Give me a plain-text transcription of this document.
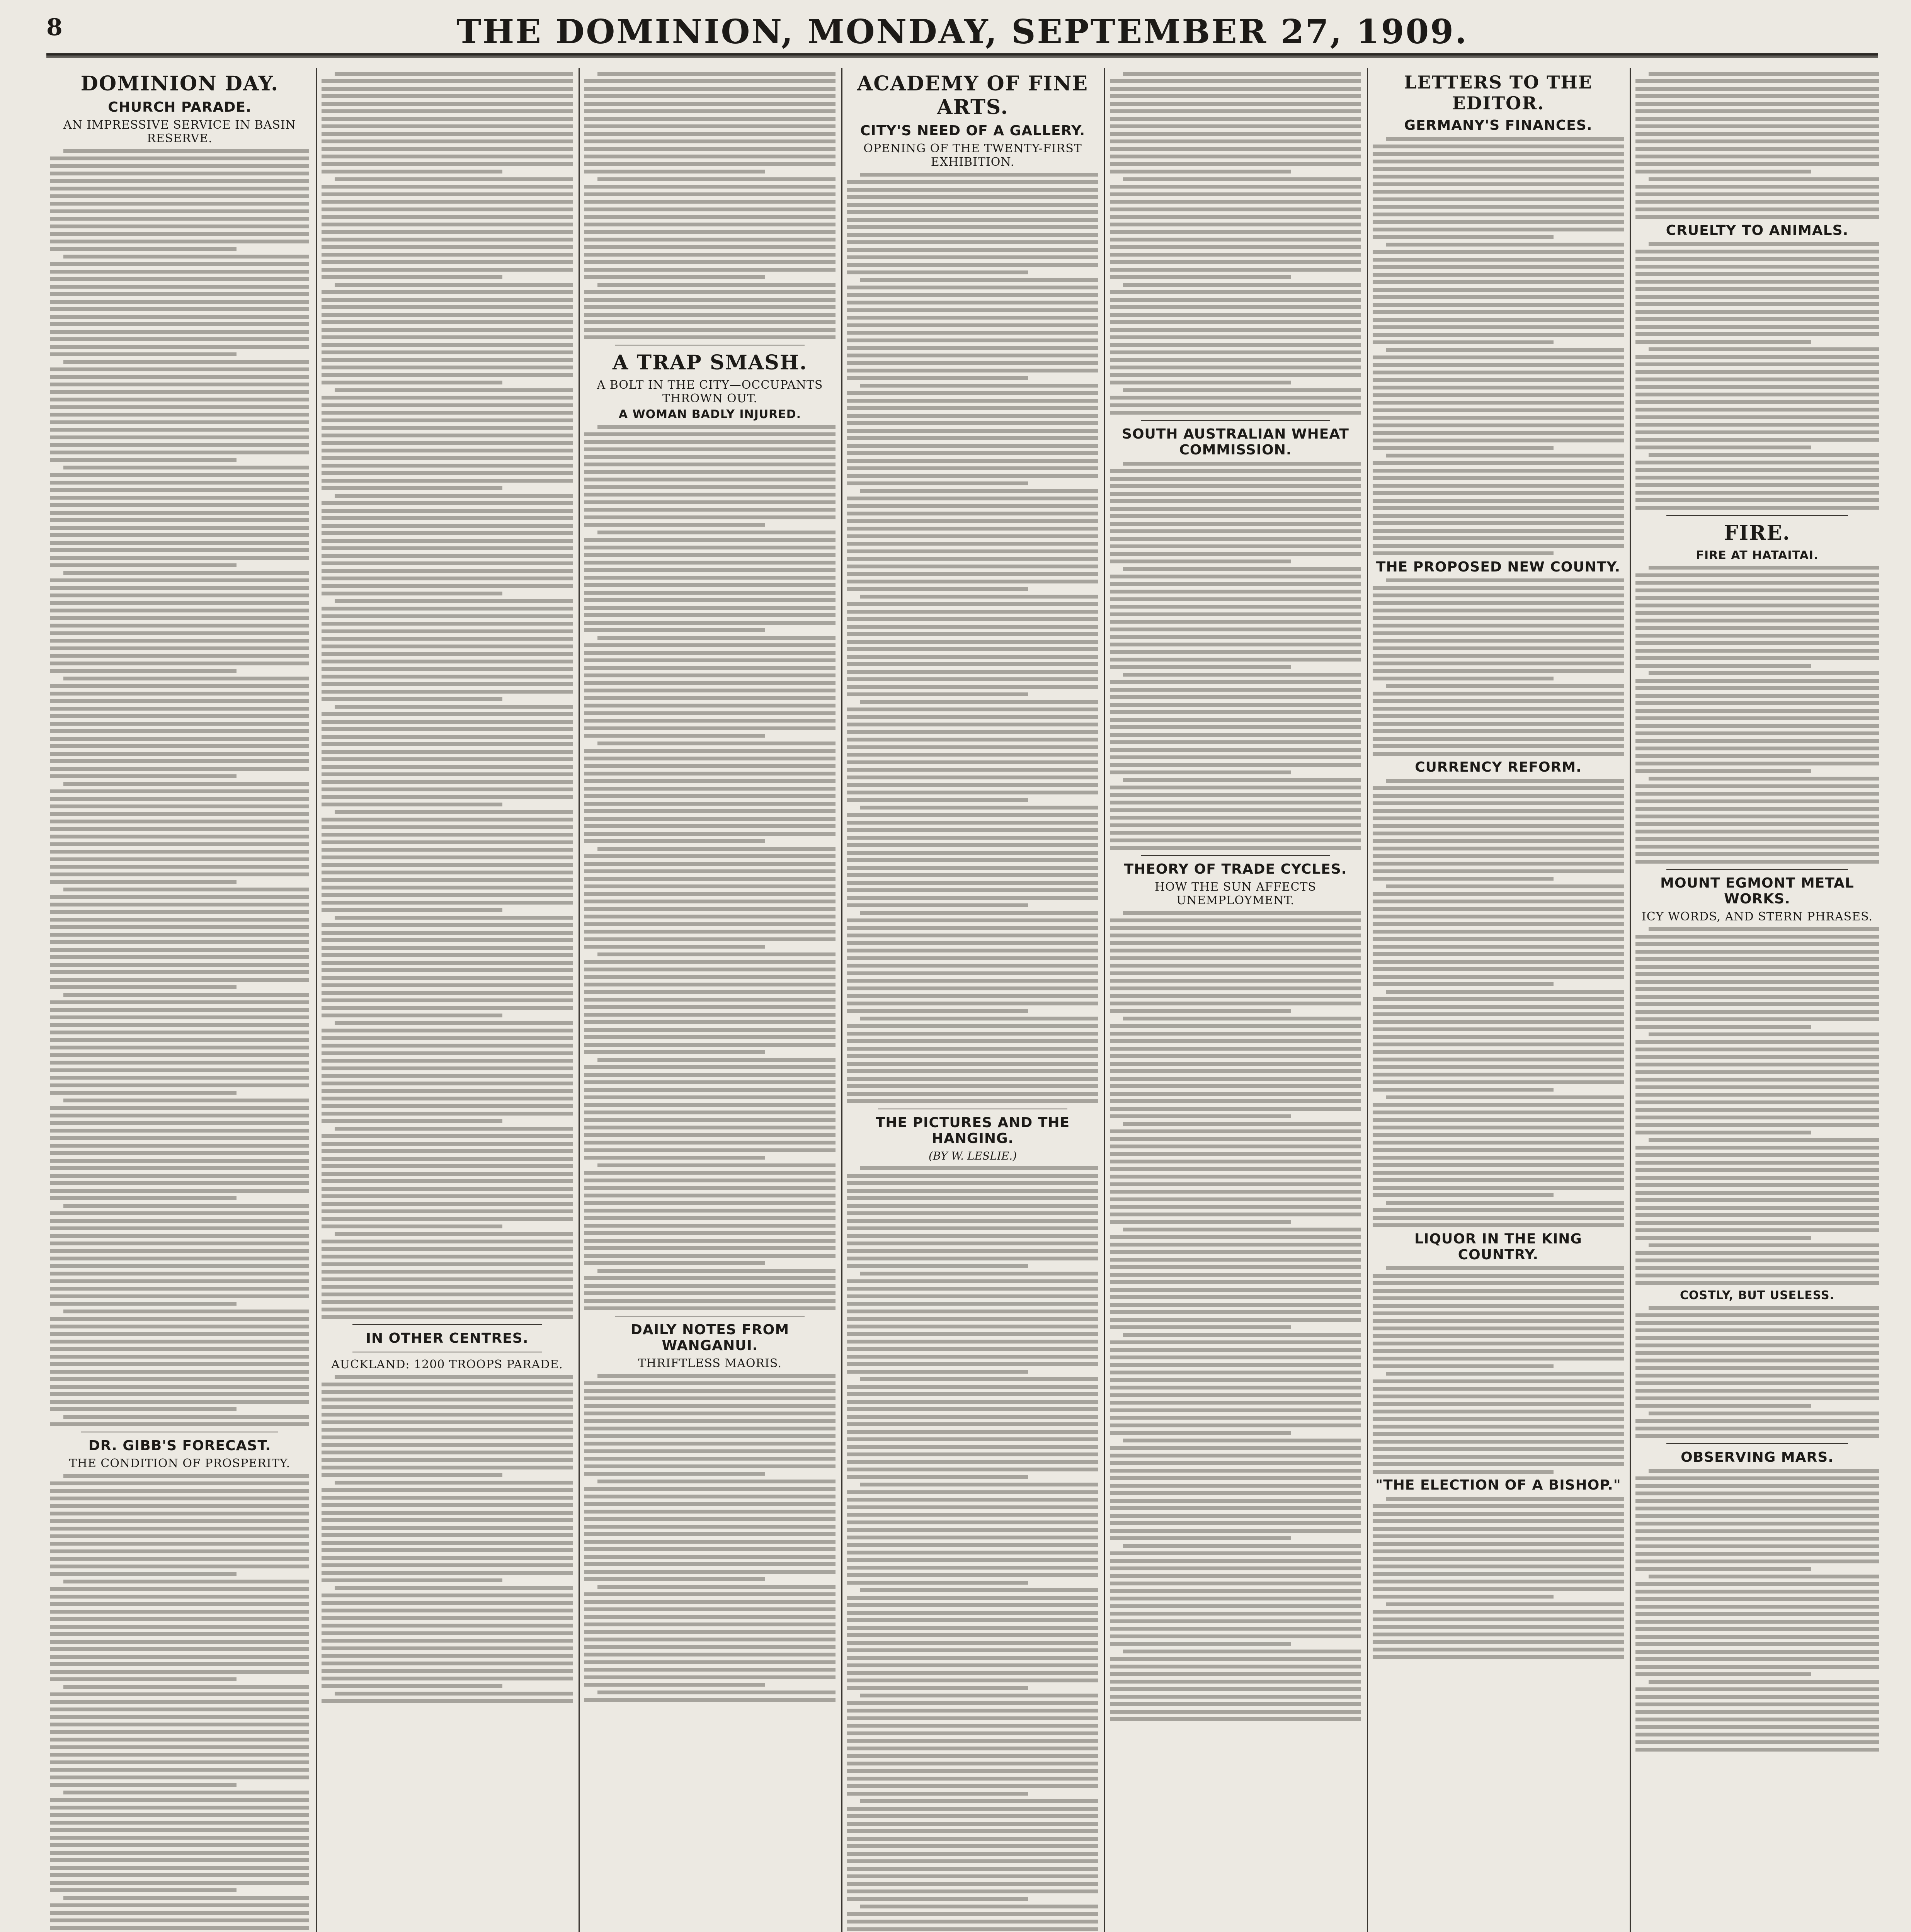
8	THE DOMINION, MONDAY, SEPTEMBER 27, 1909.
DOMINION DAY.
CHURCH PARADE.
AN IMPRESSIVE SERVICE IN BASIN RESERVE.
DR. GIBB'S FORECAST.
THE CONDITION OF PROSPERITY.
IN OTHER CENTRES.
AUCKLAND: 1200 TROOPS PARADE.
A TRAP SMASH.
A BOLT IN THE CITY—OCCUPANTS THROWN OUT.
A WOMAN BADLY INJURED.
DAILY NOTES FROM WANGANUI.
THRIFTLESS MAORIS.
ACADEMY OF FINE ARTS.
CITY'S NEED OF A GALLERY.
OPENING OF THE TWENTY-FIRST EXHIBITION.
THE PICTURES AND THE HANGING.
(BY W. LESLIE.)
SOUTH AUSTRALIAN WHEAT COMMISSION.
THEORY OF TRADE CYCLES.
HOW THE SUN AFFECTS UNEMPLOYMENT.
LETTERS TO THE EDITOR.
GERMANY'S FINANCES.
THE PROPOSED NEW COUNTY.
CURRENCY REFORM.
LIQUOR IN THE KING COUNTRY.
"THE ELECTION OF A BISHOP."
CRUELTY TO ANIMALS.
FIRE.
FIRE AT HATAITAI.
MOUNT EGMONT METAL WORKS.
ICY WORDS, AND STERN PHRASES.
COSTLY, BUT USELESS.
OBSERVING MARS.
